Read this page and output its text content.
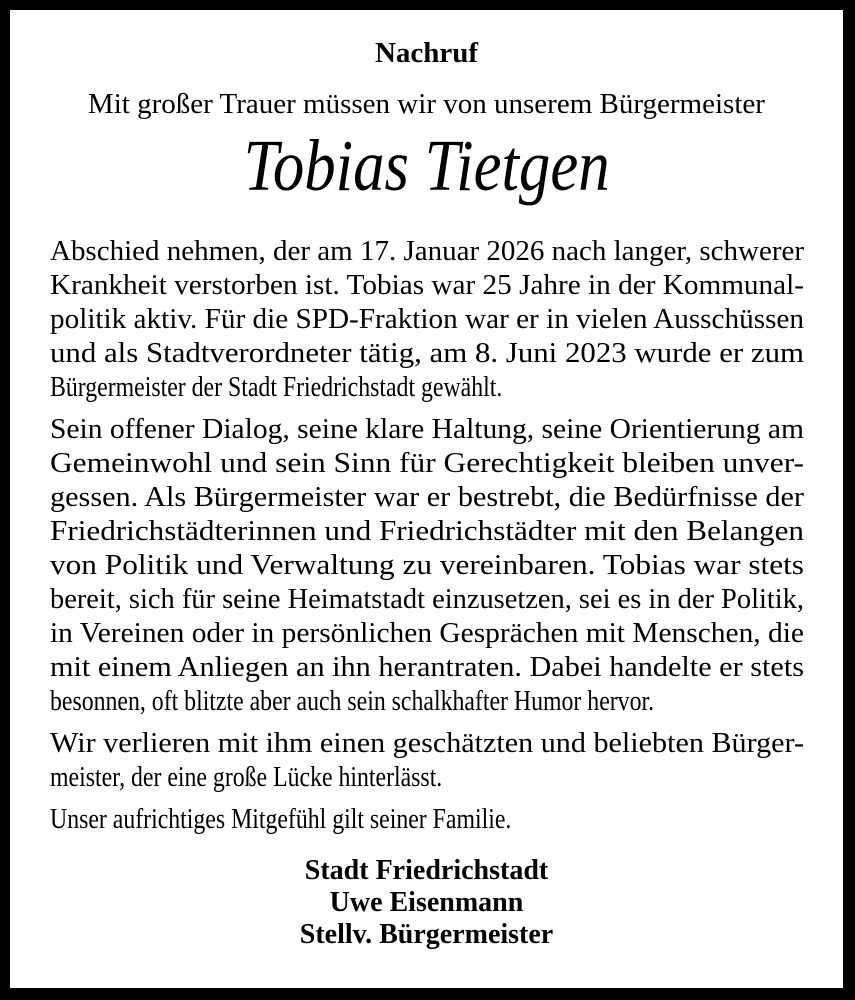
Nachruf
Mit großer Trauer müssen wir von unserem Bürgermeister
Tobias Tietgen
Abschied nehmen, der am 17. Januar 2026 nach langer, schwerer
Krankheit verstorben ist. Tobias war 25 Jahre in der Kommunal-
politik aktiv. Für die SPD-Fraktion war er in vielen Ausschüssen
und als Stadtverordneter tätig, am 8. Juni 2023 wurde er zum
Bürgermeister der Stadt Friedrichstadt gewählt.
Sein offener Dialog, seine klare Haltung, seine Orientierung am
Gemeinwohl und sein Sinn für Gerechtigkeit bleiben unver-
gessen. Als Bürgermeister war er bestrebt, die Bedürfnisse der
Friedrichstädterinnen und Friedrichstädter mit den Belangen
von Politik und Verwaltung zu vereinbaren. Tobias war stets
bereit, sich für seine Heimatstadt einzusetzen, sei es in der Politik,
in Vereinen oder in persönlichen Gesprächen mit Menschen, die
mit einem Anliegen an ihn herantraten. Dabei handelte er stets
besonnen, oft blitzte aber auch sein schalkhafter Humor hervor.
Wir verlieren mit ihm einen geschätzten und beliebten Bürger-
meister, der eine große Lücke hinterlässt.
Unser aufrichtiges Mitgefühl gilt seiner Familie.
Stadt Friedrichstadt
Uwe Eisenmann
Stellv. Bürgermeister
